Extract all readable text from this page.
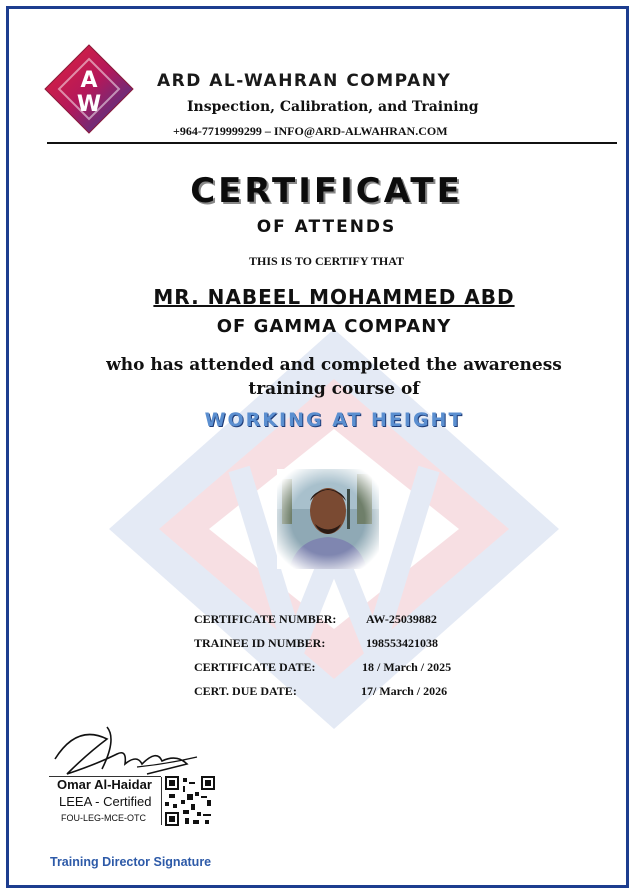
A
W
ARD AL-WAHRAN COMPANY
Inspection, Calibration, and Training
+964-7719999299 – INFO@ARD-ALWAHRAN.COM
CERTIFICATE
OF ATTENDS
THIS IS TO CERTIFY THAT
MR. NABEEL MOHAMMED ABD
OF GAMMA COMPANY
who has attended and completed the awareness
training course of
WORKING AT HEIGHT
CERTIFICATE NUMBER: AW-25039882
TRAINEE ID NUMBER:	198553421038
CERTIFICATE DATE:	18 / March / 2025
CERT. DUE DATE:	17/ March / 2026
Omar Al-Haidar
LEEA - Certified
FOU-LEG-MCE-OTC
Training Director Signature
